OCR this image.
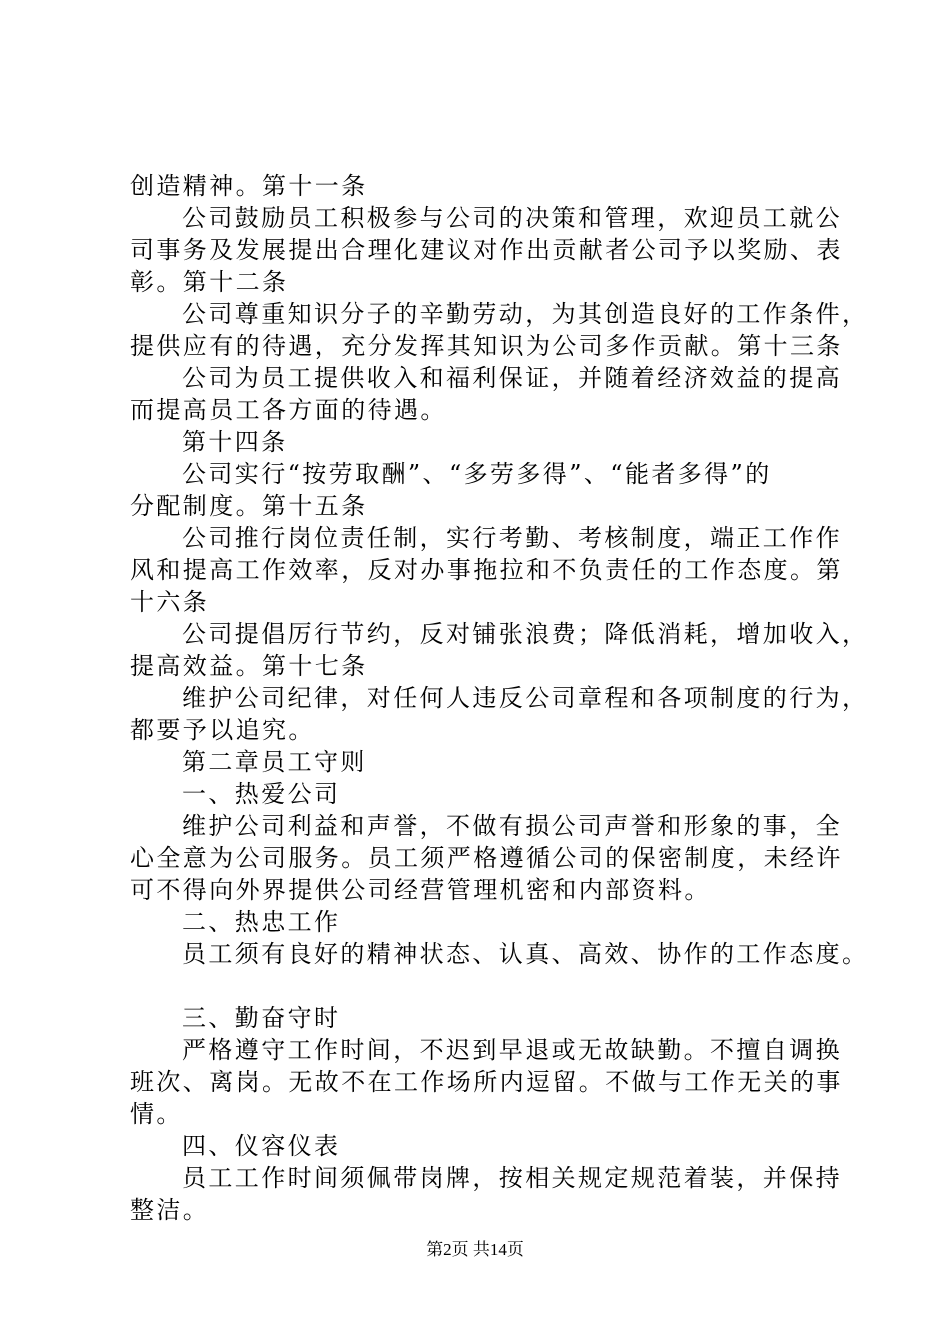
创造精神。第十一条
公司鼓励员工积极参与公司的决策和管理，欢迎员工就公
司事务及发展提出合理化建议对作出贡献者公司予以奖励、表
彰。第十二条
公司尊重知识分子的辛勤劳动，为其创造良好的工作条件，
提供应有的待遇，充分发挥其知识为公司多作贡献。第十三条
公司为员工提供收入和福利保证，并随着经济效益的提高
而提高员工各方面的待遇。
第十四条
公司实行“按劳取酬”、“多劳多得”、“能者多得”的
分配制度。第十五条
公司推行岗位责任制，实行考勤、考核制度，端正工作作
风和提高工作效率，反对办事拖拉和不负责任的工作态度。第
十六条
公司提倡厉行节约，反对铺张浪费；降低消耗，增加收入，
提高效益。第十七条
维护公司纪律，对任何人违反公司章程和各项制度的行为，
都要予以追究。
第二章员工守则
一、热爱公司
维护公司利益和声誉，不做有损公司声誉和形象的事，全
心全意为公司服务。员工须严格遵循公司的保密制度，未经许
可不得向外界提供公司经营管理机密和内部资料。
二、热忠工作
员工须有良好的精神状态、认真、高效、协作的工作态度。
三、勤奋守时
严格遵守工作时间，不迟到早退或无故缺勤。不擅自调换
班次、离岗。无故不在工作场所内逗留。不做与工作无关的事
情。
四、仪容仪表
员工工作时间须佩带岗牌，按相关规定规范着装，并保持
整洁。
第2页 共14页
